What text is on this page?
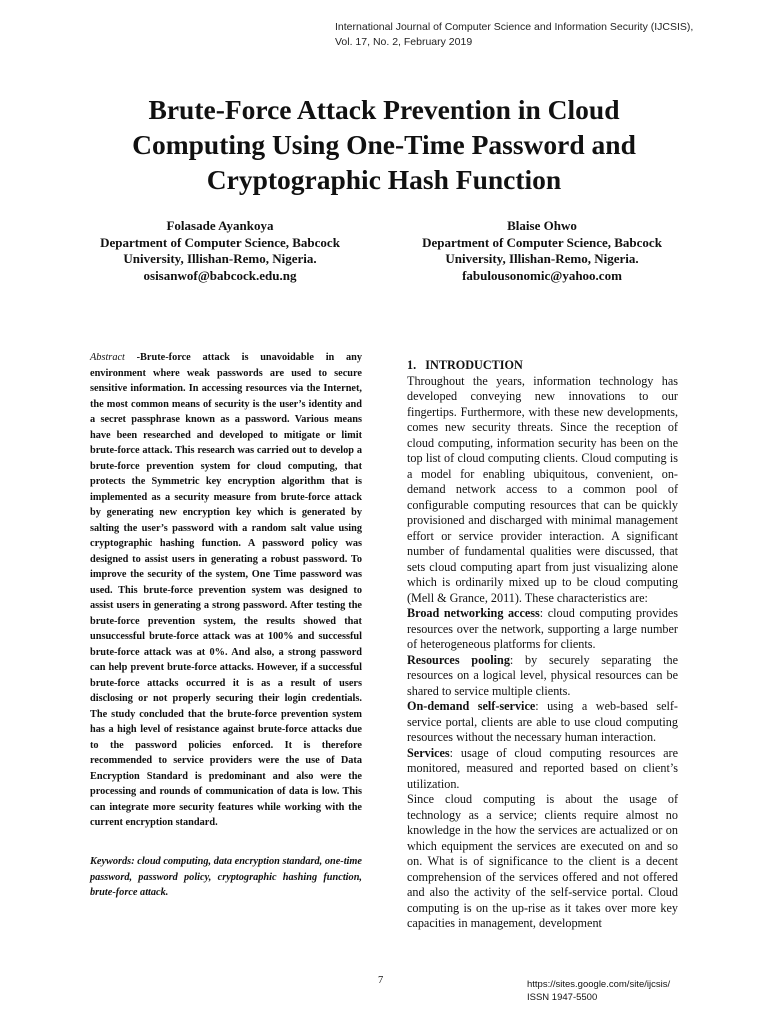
International Journal of Computer Science and Information Security (IJCSIS),
Vol. 17, No. 2, February 2019
Brute-Force Attack Prevention in Cloud
Computing Using One-Time Password and
Cryptographic Hash Function
Folasade Ayankoya
Department of Computer Science, Babcock
University, Illishan-Remo, Nigeria.
osisanwof@babcock.edu.ng
Blaise Ohwo
Department of Computer Science, Babcock
University, Illishan-Remo, Nigeria.
fabulousonomic@yahoo.com
Abstract -Brute-force attack is unavoidable in any environment where weak passwords are used to secure sensitive information. In accessing resources via the Internet, the most common means of security is the user’s identity and a secret passphrase known as a password. Various means have been researched and developed to mitigate or limit brute-force attack. This research was carried out to develop a brute-force prevention system for cloud computing, that protects the Symmetric key encryption algorithm that is implemented as a security measure from brute-force attack by generating new encryption key which is generated by salting the user’s password with a random salt value using cryptographic hashing function. A password policy was designed to assist users in generating a robust password. To improve the security of the system, One Time password was used. This brute-force prevention system was designed to assist users in generating a strong password. After testing the brute-force prevention system, the results showed that unsuccessful brute-force attack was at 100% and successful brute-force attack was at 0%. And also, a strong password can help prevent brute-force attacks. However, if a successful brute-force attacks occurred it is as a result of users disclosing or not properly securing their login credentials. The study concluded that the brute-force prevention system has a high level of resistance against brute-force attacks due to the password policies enforced. It is therefore recommended to service providers were the use of Data Encryption Standard is predominant and also were the processing and rounds of communication of data is low. This can integrate more security features while working with the current encryption standard.
Keywords: cloud computing, data encryption standard, one-time password, password policy, cryptographic hashing function, brute-force attack.
1.   INTRODUCTION

Throughout the years, information technology has developed conveying new innovations to our fingertips. Furthermore, with these new developments, comes new security threats. Since the reception of cloud computing, information security has been on the top list of cloud computing clients. Cloud computing is a model for enabling ubiquitous, convenient, on-demand network access to a common pool of configurable computing resources that can be quickly provisioned and discharged with minimal management effort or service provider interaction. A significant number of fundamental qualities were discussed, that sets cloud computing apart from just visualizing alone which is ordinarily mixed up to be cloud computing (Mell & Grance, 2011). These characteristics are:

Broad networking access: cloud computing provides resources over the network, supporting a large number of heterogeneous platforms for clients.

Resources pooling: by securely separating the resources on a logical level, physical resources can be shared to service multiple clients.

On-demand self-service: using a web-based self-service portal, clients are able to use cloud computing resources without the necessary human interaction.

Services: usage of cloud computing resources are monitored, measured and reported based on client’s utilization.

Since cloud computing is about the usage of technology as a service; clients require almost no knowledge in the how the services are actualized or on which equipment the services are executed on and so on. What is of significance to the client is a decent comprehension of the services offered and not offered and also the activity of the self-service portal. Cloud computing is on the up-rise as it takes over more key capacities in management, development

7	https://sites.google.com/site/ijcsis/
ISSN 1947-5500
